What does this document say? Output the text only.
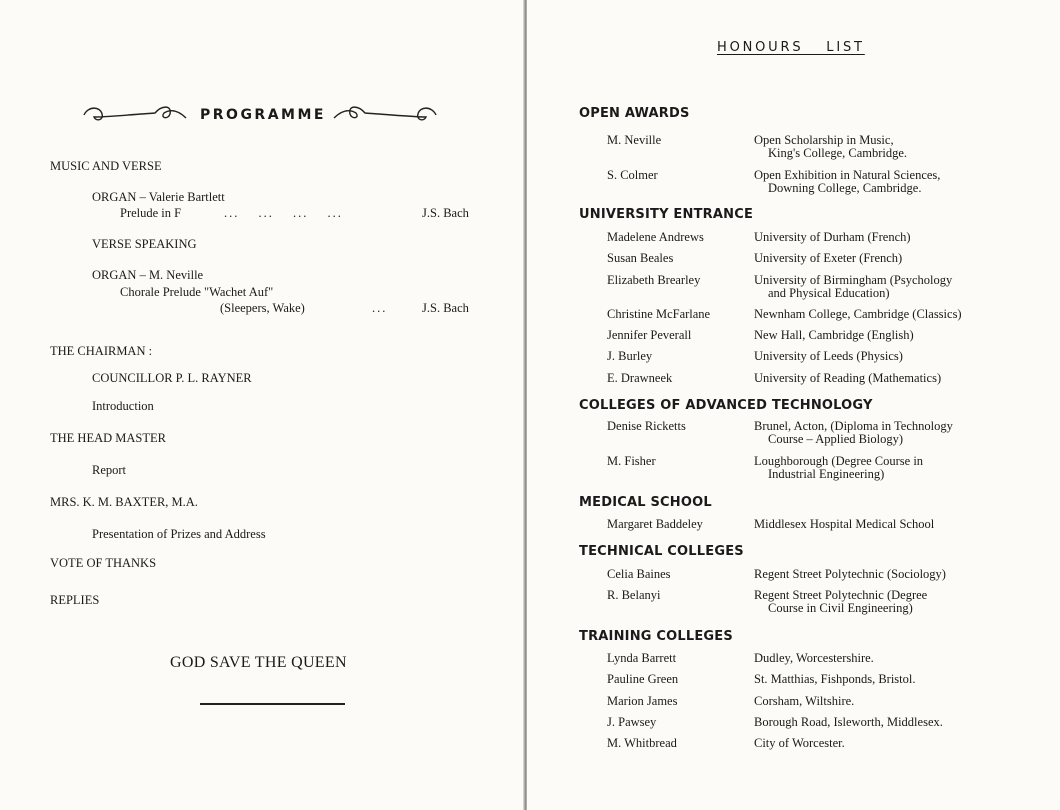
PROGRAMME
MUSIC AND VERSE
ORGAN – Valerie Bartlett
Prelude in F	... ... ... ...	J.S. Bach
VERSE SPEAKING
ORGAN – M. Neville
Chorale Prelude "Wachet Auf"
(Sleepers, Wake)	...	J.S. Bach
THE CHAIRMAN :
COUNCILLOR P. L. RAYNER
Introduction
THE HEAD MASTER
Report
MRS. K. M. BAXTER, M.A.
Presentation of Prizes and Address
VOTE OF THANKS
REPLIES
GOD SAVE THE QUEEN
HONOURS LIST
OPEN AWARDS
M. Neville	Open Scholarship in Music,
King's College, Cambridge.
S. Colmer	Open Exhibition in Natural Sciences,
Downing College, Cambridge.
UNIVERSITY ENTRANCE
Madelene Andrews	University of Durham (French)
Susan Beales	University of Exeter (French)
Elizabeth Brearley	University of Birmingham (Psychology
and Physical Education)
Christine McFarlane	Newnham College, Cambridge (Classics)
Jennifer Peverall	New Hall, Cambridge (English)
J. Burley	University of Leeds (Physics)
E. Drawneek	University of Reading (Mathematics)
COLLEGES OF ADVANCED TECHNOLOGY
Denise Ricketts	Brunel, Acton, (Diploma in Technology
Course – Applied Biology)
M. Fisher	Loughborough (Degree Course in
Industrial Engineering)
MEDICAL SCHOOL
Margaret Baddeley	Middlesex Hospital Medical School
TECHNICAL COLLEGES
Celia Baines	Regent Street Polytechnic (Sociology)
R. Belanyi	Regent Street Polytechnic (Degree
Course in Civil Engineering)
TRAINING COLLEGES
Lynda Barrett	Dudley, Worcestershire.
Pauline Green	St. Matthias, Fishponds, Bristol.
Marion James	Corsham, Wiltshire.
J. Pawsey	Borough Road, Isleworth, Middlesex.
M. Whitbread	City of Worcester.
